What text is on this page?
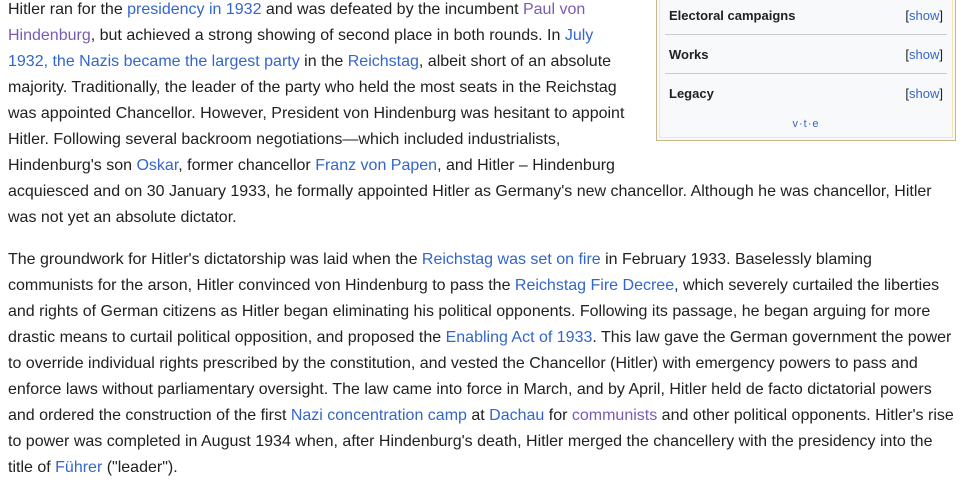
Electoral campaigns	[show]
Works	[show]
Legacy	[show]
v·t·e

Hitler ran for the presidency in 1932 and was defeated by the incumbent Paul von Hindenburg, but achieved a strong showing of second place in both rounds. In July 1932, the Nazis became the largest party in the Reichstag, albeit short of an absolute majority. Traditionally, the leader of the party who held the most seats in the Reichstag was appointed Chancellor. However, President von Hindenburg was hesitant to appoint Hitler. Following several backroom negotiations—which included industrialists, Hindenburg's son Oskar, former chancellor Franz von Papen, and Hitler – Hindenburg acquiesced and on 30 January 1933, he formally appointed Hitler as Germany's new chancellor. Although he was chancellor, Hitler was not yet an absolute dictator.

The groundwork for Hitler's dictatorship was laid when the Reichstag was set on fire in February 1933. Baselessly blaming communists for the arson, Hitler convinced von Hindenburg to pass the Reichstag Fire Decree, which severely curtailed the liberties and rights of German citizens as Hitler began eliminating his political opponents. Following its passage, he began arguing for more drastic means to curtail political opposition, and proposed the Enabling Act of 1933. This law gave the German government the power to override individual rights prescribed by the constitution, and vested the Chancellor (Hitler) with emergency powers to pass and enforce laws without parliamentary oversight. The law came into force in March, and by April, Hitler held de facto dictatorial powers and ordered the construction of the first Nazi concentration camp at Dachau for communists and other political opponents. Hitler's rise to power was completed in August 1934 when, after Hindenburg's death, Hitler merged the chancellery with the presidency into the title of Führer ("leader").
